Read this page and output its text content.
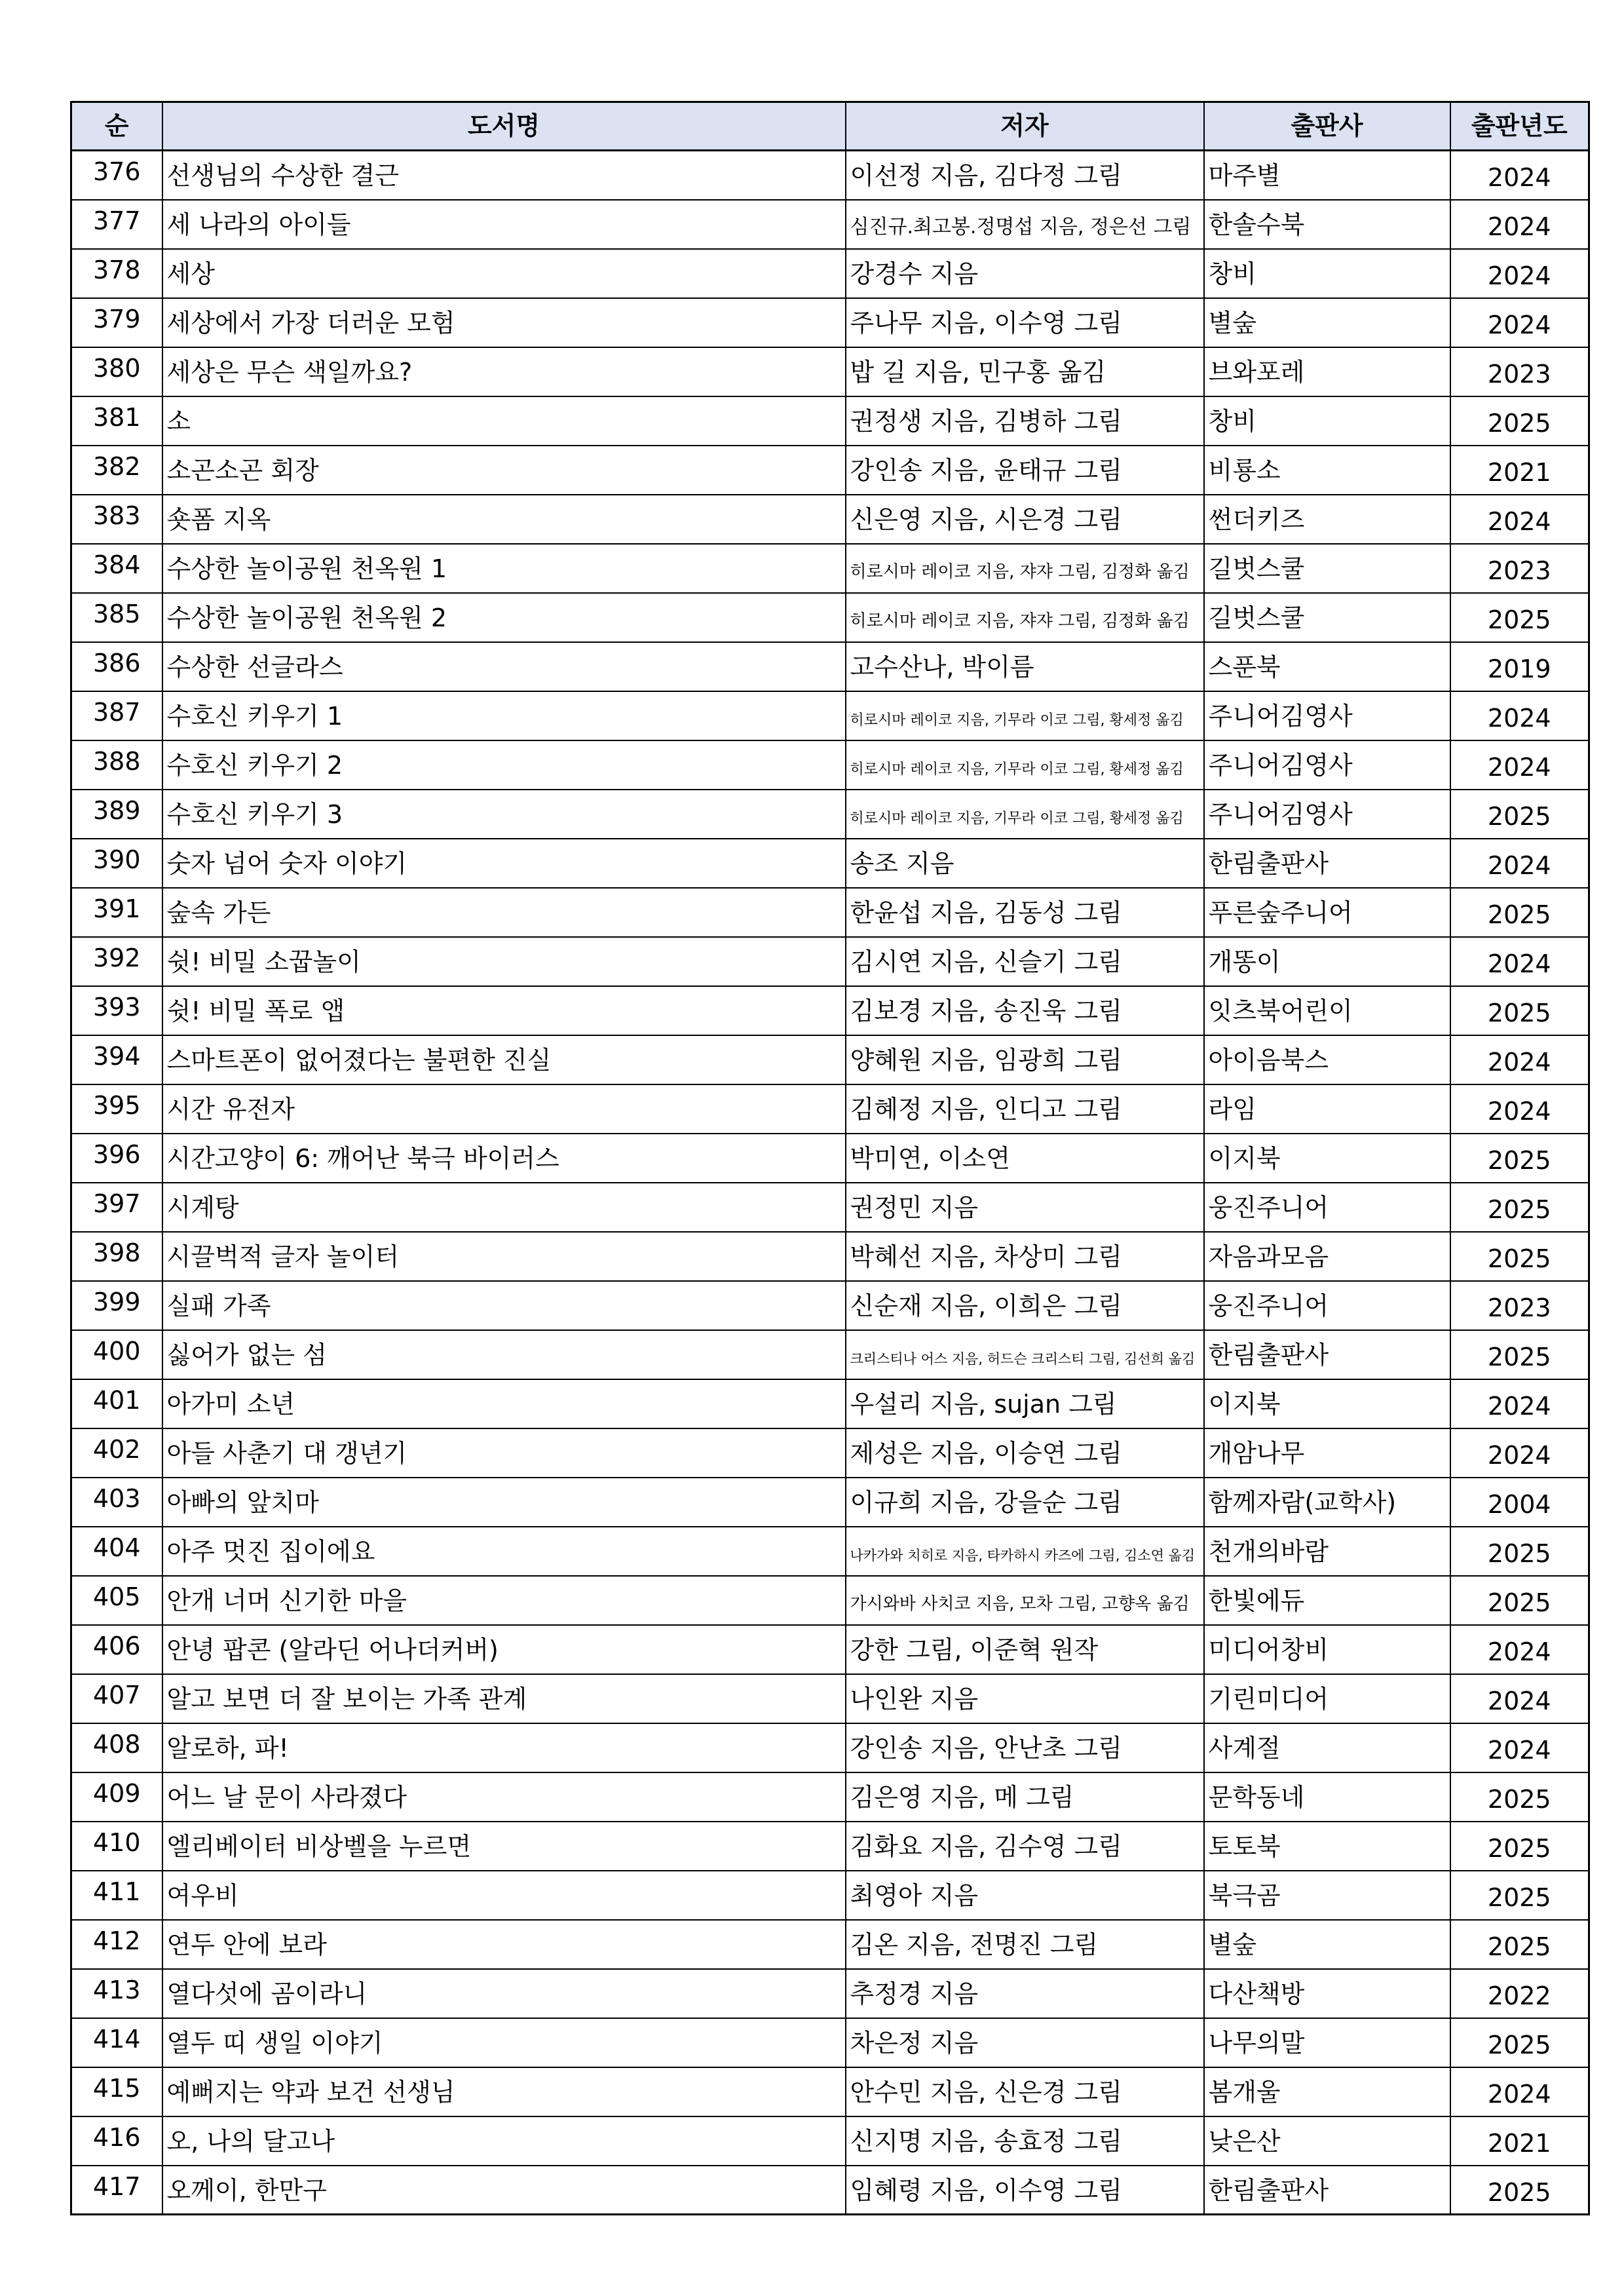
순	도서명	저자	출판사	출판년도
376	선생님의 수상한 결근	이선정 지음, 김다정 그림	마주별	2024
377	세 나라의 아이들	심진규.최고봉.정명섭 지음, 정은선 그림	한솔수북	2024
378	세상	강경수 지음	창비	2024
379	세상에서 가장 더러운 모험	주나무 지음, 이수영 그림	별숲	2024
380	세상은 무슨 색일까요?	밥 길 지음, 민구홍 옮김	브와포레	2023
381	소	권정생 지음, 김병하 그림	창비	2025
382	소곤소곤 회장	강인송 지음, 윤태규 그림	비룡소	2021
383	숏폼 지옥	신은영 지음, 시은경 그림	썬더키즈	2024
384	수상한 놀이공원 천옥원 1	히로시마 레이코 지음, 쟈쟈 그림, 김정화 옮김	길벗스쿨	2023
385	수상한 놀이공원 천옥원 2	히로시마 레이코 지음, 쟈쟈 그림, 김정화 옮김	길벗스쿨	2025
386	수상한 선글라스	고수산나, 박이름	스푼북	2019
387	수호신 키우기 1	히로시마 레이코 지음, 기무라 이코 그림, 황세정 옮김	주니어김영사	2024
388	수호신 키우기 2	히로시마 레이코 지음, 기무라 이코 그림, 황세정 옮김	주니어김영사	2024
389	수호신 키우기 3	히로시마 레이코 지음, 기무라 이코 그림, 황세정 옮김	주니어김영사	2025
390	숫자 넘어 숫자 이야기	송조 지음	한림출판사	2024
391	숲속 가든	한윤섭 지음, 김동성 그림	푸른숲주니어	2025
392	쉿! 비밀 소꿉놀이	김시연 지음, 신슬기 그림	개똥이	2024
393	쉿! 비밀 폭로 앱	김보경 지음, 송진욱 그림	잇츠북어린이	2025
394	스마트폰이 없어졌다는 불편한 진실	양혜원 지음, 임광희 그림	아이음북스	2024
395	시간 유전자	김혜정 지음, 인디고 그림	라임	2024
396	시간고양이 6: 깨어난 북극 바이러스	박미연, 이소연	이지북	2025
397	시계탕	권정민 지음	웅진주니어	2025
398	시끌벅적 글자 놀이터	박혜선 지음, 차상미 그림	자음과모음	2025
399	실패 가족	신순재 지음, 이희은 그림	웅진주니어	2023
400	싫어가 없는 섬	크리스티나 어스 지음, 허드슨 크리스티 그림, 김선희 옮김	한림출판사	2025
401	아가미 소년	우설리 지음, sujan 그림	이지북	2024
402	아들 사춘기 대 갱년기	제성은 지음, 이승연 그림	개암나무	2024
403	아빠의 앞치마	이규희 지음, 강을순 그림	함께자람(교학사)	2004
404	아주 멋진 집이에요	나카가와 치히로 지음, 타카하시 카즈에 그림, 김소연 옮김	천개의바람	2025
405	안개 너머 신기한 마을	가시와바 사치코 지음, 모차 그림, 고향옥 옮김	한빛에듀	2025
406	안녕 팝콘 (알라딘 어나더커버)	강한 그림, 이준혁 원작	미디어창비	2024
407	알고 보면 더 잘 보이는 가족 관계	나인완 지음	기린미디어	2024
408	알로하, 파!	강인송 지음, 안난초 그림	사계절	2024
409	어느 날 문이 사라졌다	김은영 지음, 메 그림	문학동네	2025
410	엘리베이터 비상벨을 누르면	김화요 지음, 김수영 그림	토토북	2025
411	여우비	최영아 지음	북극곰	2025
412	연두 안에 보라	김온 지음, 전명진 그림	별숲	2025
413	열다섯에 곰이라니	추정경 지음	다산책방	2022
414	열두 띠 생일 이야기	차은정 지음	나무의말	2025
415	예뻐지는 약과 보건 선생님	안수민 지음, 신은경 그림	봄개울	2024
416	오, 나의 달고나	신지명 지음, 송효정 그림	낮은산	2021
417	오께이, 한만구	임혜령 지음, 이수영 그림	한림출판사	2025
